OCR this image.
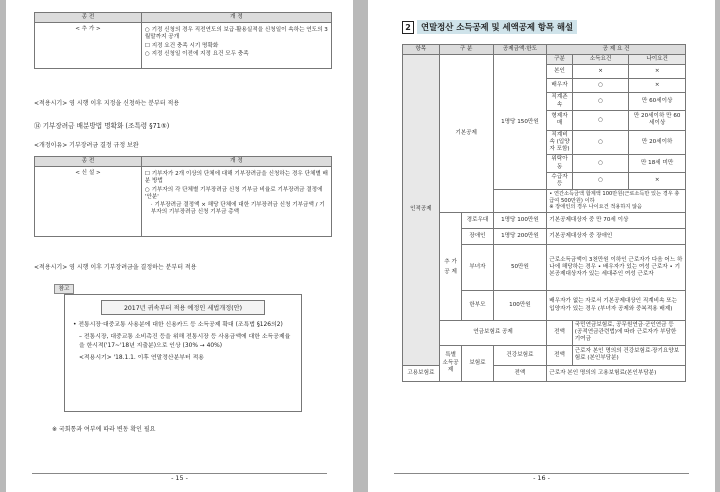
종 전	개 정
< 추 가 >	○ 기정 신청의 경우 직전연도의 보급·활용실적을 신청일이 속하는 연도의 3월말까지 공개
☐ 지정 요건 충족 시기 명확화
○ 지정 신청일 이전에 지정 요건 모두 충족
<적용시기> 영 시행 이후 지정을 신청하는 분부터 적용
⑭ 기부장려금 배분방법 명확화 (조특령 §71⑤)
<개정이유> 기부장려금 결정 규정 보완
종 전	개 정
< 신 설 >	☐ 기부자가 2개 이상의 단체에 대해 기부장려금을 신청하는 경우 단체별 배분 방법
○ 기부자의 각 단체별 기부장려금 신청 기부금 비율로 기부장려금 결정에 '안분'
· 기부장려금 결정액 × 해당 단체에 대한 기부장려금 신청 기부금액 / 기부자의 기부장려금 신청 기부금 총액
<적용시기> 영 시행 이후 기부장려금을 결정하는 분부터 적용
참고
2017년 귀속부터 적용 예정인 세법개정(안)
• 전통시장·대중교통 사용분에 대한 신용카드 등 소득공제 확대 (조특법 §126의2)
– 전통시장, 대중교통 소비촉진 등을 위해 전통시장 등 사용금액에 대한 소득공제율을 한시적('17~'18년 지출분)으로 인상 (30% → 40%)
<적용시기> '18.1.1. 이후 연말정산분부터 적용
※ 국회통과 여부에 따라 변동 확인 필요
- 15 -
2	연말정산 소득공제 및 세액공제 항목 해설
항목	구 분		공제금액·한도	공 제 요 건		
인적공제	기본공제		1명당 150만원	구분	소득요건	나이요건
				본인	×	×
				배우자	○	×
				직계존속	○	만 60세이상
				형제자매	○	만 20세이하 만 60세이상
				직계비속 (입양자 포함)	○	만 20세이하
				위탁아동	○	만 18세 미만
				수급자 등	○	×

				• 연간소득금액 합계액 100만원(근로소득만 있는 경우 총급여 500만원) 이하
※ 장애인의 경우 나이요건 적용하지 않음		

	추 가 공 제	경로우대	1명당 100만원	기본공제대상자 중 만 70세 이상		
		장애인	1명당 200만원	기본공제대상자 중 장애인		
		부녀자	50만원	근로소득금액이 3천만원 이하인 근로자가 다음 어느 하나에 해당하는 경우 • 배우자가 있는 여성 근로자 • 기본공제대상자가 있는 세대주인 여성 근로자		
		한부모	100만원	배우자가 없는 자로서 기본공제대상인 직계비속 또는 입양자가 있는 경우 (부녀자 공제와 중복적용 배제)		
	연금보험료 공제			전액	국민연금보험료, 공무원연금·군인연금 등 (공적연금관련법)에 따라 근로자가 부담한 기여금	
	특별 소득공제	보험료	건강보험료	전액	근로자 본인 명의의 건강보험료·장기요양보험료 (본인부담분)	
고용보험료			전액	근로자 본인 명의의 고용보험료(본인부담분)		
- 16 -
